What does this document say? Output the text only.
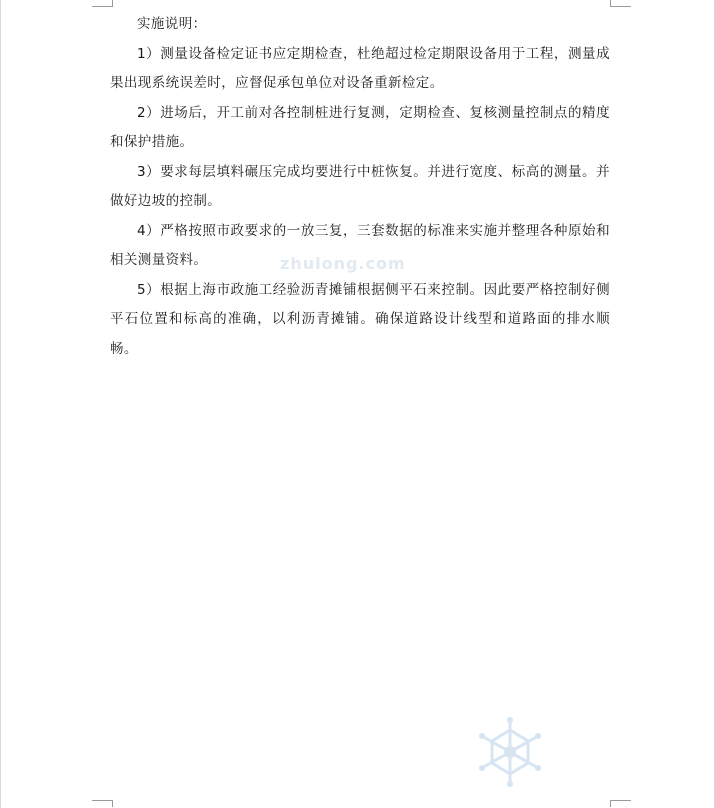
实施说明：

1）测量设备检定证书应定期检查，杜绝超过检定期限设备用于工程，测量成果出现系统误差时，应督促承包单位对设备重新检定。

2）进场后，开工前对各控制桩进行复测，定期检查、复核测量控制点的精度和保护措施。

3）要求每层填料碾压完成均要进行中桩恢复。并进行宽度、标高的测量。并做好边坡的控制。

4）严格按照市政要求的一放三复，三套数据的标准来实施并整理各种原始和相关测量资料。

5）根据上海市政施工经验沥青摊铺根据侧平石来控制。因此要严格控制好侧平石位置和标高的准确，以利沥青摊铺。确保道路设计线型和道路面的排水顺畅。

zhulong.com
